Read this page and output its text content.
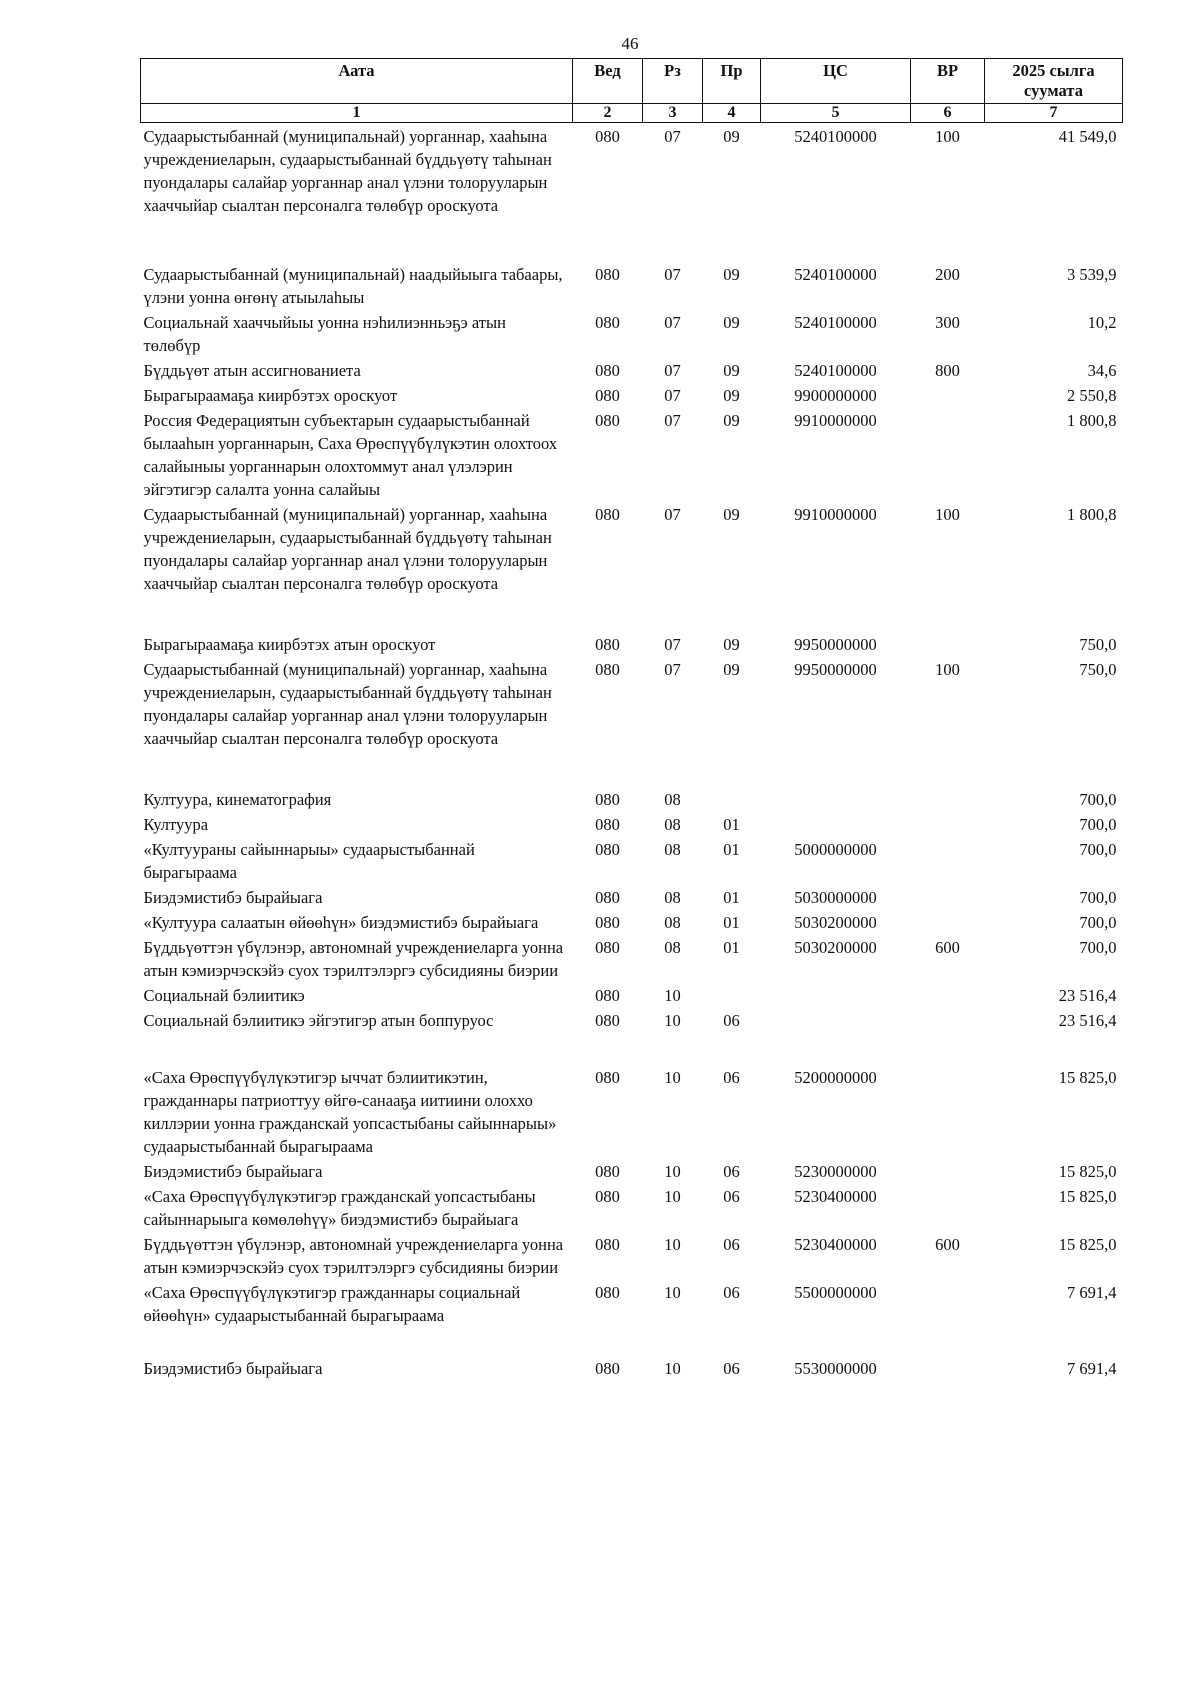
46
Аата	Вед	Рз	Пр	ЦС	ВР	2025 сылга суумата
1	2	3	4	5	6	7
Судаарыстыбаннай (муниципальнай) уорганнар, хааһына учреждениеларын, судаарыстыбаннай бүддьүөтү таһынан пуондалары салайар уорганнар анал үлэни толорууларын хааччыйар сыалтан персоналга төлөбүр ороскуота	080	07	09	5240100000	100	41 549,0
Судаарыстыбаннай (муниципальнай) наадыйыыга табаары, үлэни уонна өҥөнү атыылаһыы	080	07	09	5240100000	200	3 539,9
Социальнай хааччыйыы уонна нэһилиэнньэҕэ атын төлөбүр	080	07	09	5240100000	300	10,2
Бүддьүөт атын ассигнованиета	080	07	09	5240100000	800	34,6
Бырагыраамаҕа киирбэтэх ороскуот	080	07	09	9900000000		2 550,8
Россия Федерациятын субъектарын судаарыстыбаннай былааһын уорганнарын, Саха Өрөспүүбүлүкэтин олохтоох салайыныы уорганнарын олохтоммут анал үлэлэрин эйгэтигэр салалта уонна салайыы	080	07	09	9910000000		1 800,8
Судаарыстыбаннай (муниципальнай) уорганнар, хааһына учреждениеларын, судаарыстыбаннай бүддьүөтү таһынан пуондалары салайар уорганнар анал үлэни толорууларын хааччыйар сыалтан персоналга төлөбүр ороскуота	080	07	09	9910000000	100	1 800,8
Бырагыраамаҕа киирбэтэх атын ороскуот	080	07	09	9950000000		750,0
Судаарыстыбаннай (муниципальнай) уорганнар, хааһына учреждениеларын, судаарыстыбаннай бүддьүөтү таһынан пуондалары салайар уорганнар анал үлэни толорууларын хааччыйар сыалтан персоналга төлөбүр ороскуота	080	07	09	9950000000	100	750,0
Култуура, кинематография	080	08				700,0
Култуура	080	08	01			700,0
«Култуураны сайыннарыы» судаарыстыбаннай бырагыраама	080	08	01	5000000000		700,0
Биэдэмистибэ бырайыага	080	08	01	5030000000		700,0
«Култуура салаатын өйөөһүн» биэдэмистибэ бырайыага	080	08	01	5030200000		700,0
Бүддьүөттэн үбүлэнэр, автономнай учреждениеларга уонна атын кэмиэрчэскэйэ суох тэрилтэлэргэ субсидияны биэрии	080	08	01	5030200000	600	700,0
Социальнай бэлиитикэ	080	10				23 516,4
Социальнай бэлиитикэ эйгэтигэр атын боппуруос	080	10	06			23 516,4
«Саха Өрөспүүбүлүкэтигэр ыччат бэлиитикэтин, гражданнары патриоттуу өйгө-санааҕа иитиини олоххо киллэрии уонна гражданскай уопсастыбаны сайыннарыы» судаарыстыбаннай бырагыраама	080	10	06	5200000000		15 825,0
Биэдэмистибэ бырайыага	080	10	06	5230000000		15 825,0
«Саха Өрөспүүбүлүкэтигэр гражданскай уопсастыбаны сайыннарыыга көмөлөһүү» биэдэмистибэ бырайыага	080	10	06	5230400000		15 825,0
Бүддьүөттэн үбүлэнэр, автономнай учреждениеларга уонна атын кэмиэрчэскэйэ суох тэрилтэлэргэ субсидияны биэрии	080	10	06	5230400000	600	15 825,0
«Саха Өрөспүүбүлүкэтигэр гражданнары социальнай өйөөһүн» судаарыстыбаннай бырагыраама	080	10	06	5500000000		7 691,4
Биэдэмистибэ бырайыага	080	10	06	5530000000		7 691,4
